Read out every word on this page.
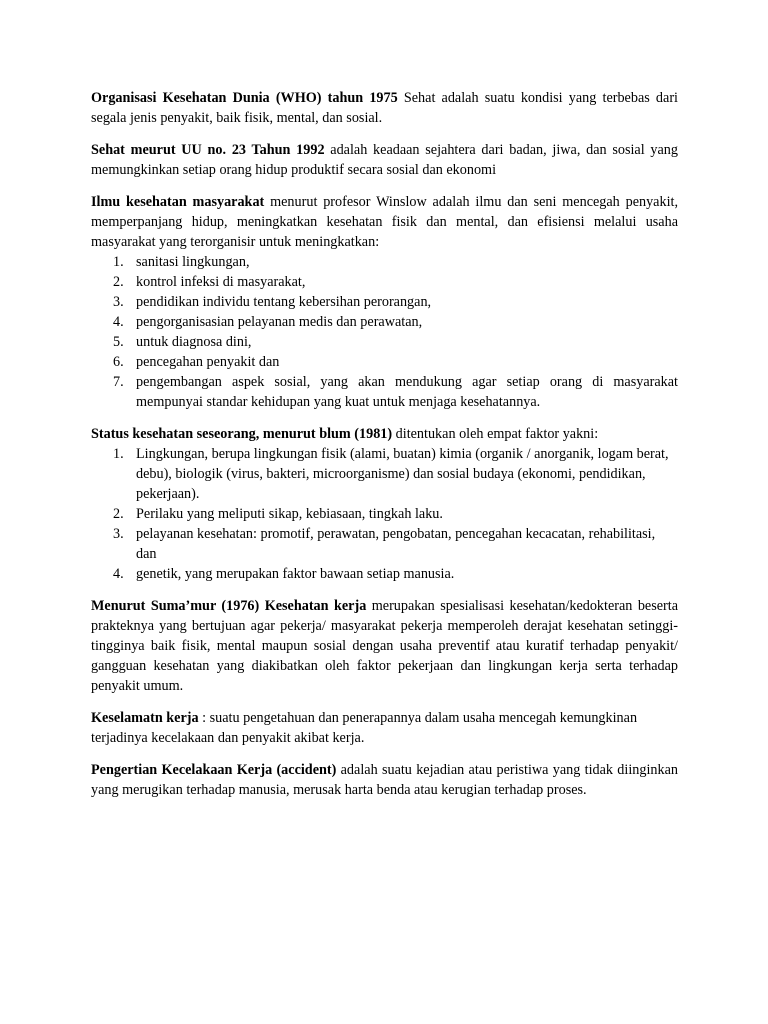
Organisasi Kesehatan Dunia (WHO) tahun 1975 Sehat adalah suatu kondisi yang terbebas dari segala jenis penyakit, baik fisik, mental, dan sosial.

Sehat meurut UU no. 23 Tahun 1992 adalah keadaan sejahtera dari badan, jiwa, dan sosial yang memungkinkan setiap orang hidup produktif secara sosial dan ekonomi

Ilmu kesehatan masyarakat menurut profesor Winslow adalah ilmu dan seni mencegah penyakit, memperpanjang hidup, meningkatkan kesehatan fisik dan mental, dan efisiensi melalui usaha masyarakat yang terorganisir untuk meningkatkan:

1. sanitasi lingkungan,
2. kontrol infeksi di masyarakat,
3. pendidikan individu tentang kebersihan perorangan,
4. pengorganisasian pelayanan medis dan perawatan,
5. untuk diagnosa dini,
6. pencegahan penyakit dan
7. pengembangan aspek sosial, yang akan mendukung agar setiap orang di masyarakat mempunyai standar kehidupan yang kuat untuk menjaga kesehatannya.

Status kesehatan seseorang, menurut blum (1981) ditentukan oleh empat faktor yakni:

1. Lingkungan, berupa lingkungan fisik (alami, buatan) kimia (organik / anorganik, logam berat,   debu), biologik (virus, bakteri, microorganisme) dan sosial budaya (ekonomi, pendidikan, pekerjaan).
2. Perilaku yang meliputi sikap, kebiasaan, tingkah laku.
3. pelayanan kesehatan: promotif, perawatan, pengobatan, pencegahan kecacatan, rehabilitasi, dan
4. genetik, yang merupakan faktor bawaan setiap manusia.

Menurut Suma’mur (1976) Kesehatan kerja merupakan spesialisasi kesehatan/kedokteran beserta prakteknya yang bertujuan agar pekerja/ masyarakat pekerja memperoleh derajat kesehatan setinggi-tingginya baik fisik, mental maupun sosial dengan usaha preventif atau kuratif terhadap penyakit/ gangguan kesehatan yang diakibatkan oleh faktor pekerjaan dan lingkungan kerja serta terhadap penyakit umum.

Keselamatn kerja : suatu pengetahuan dan penerapannya dalam usaha mencegah kemungkinan terjadinya kecelakaan dan penyakit akibat kerja.

Pengertian Kecelakaan Kerja (accident) adalah suatu kejadian atau peristiwa yang tidak diinginkan yang merugikan terhadap manusia, merusak harta benda atau kerugian terhadap proses.
